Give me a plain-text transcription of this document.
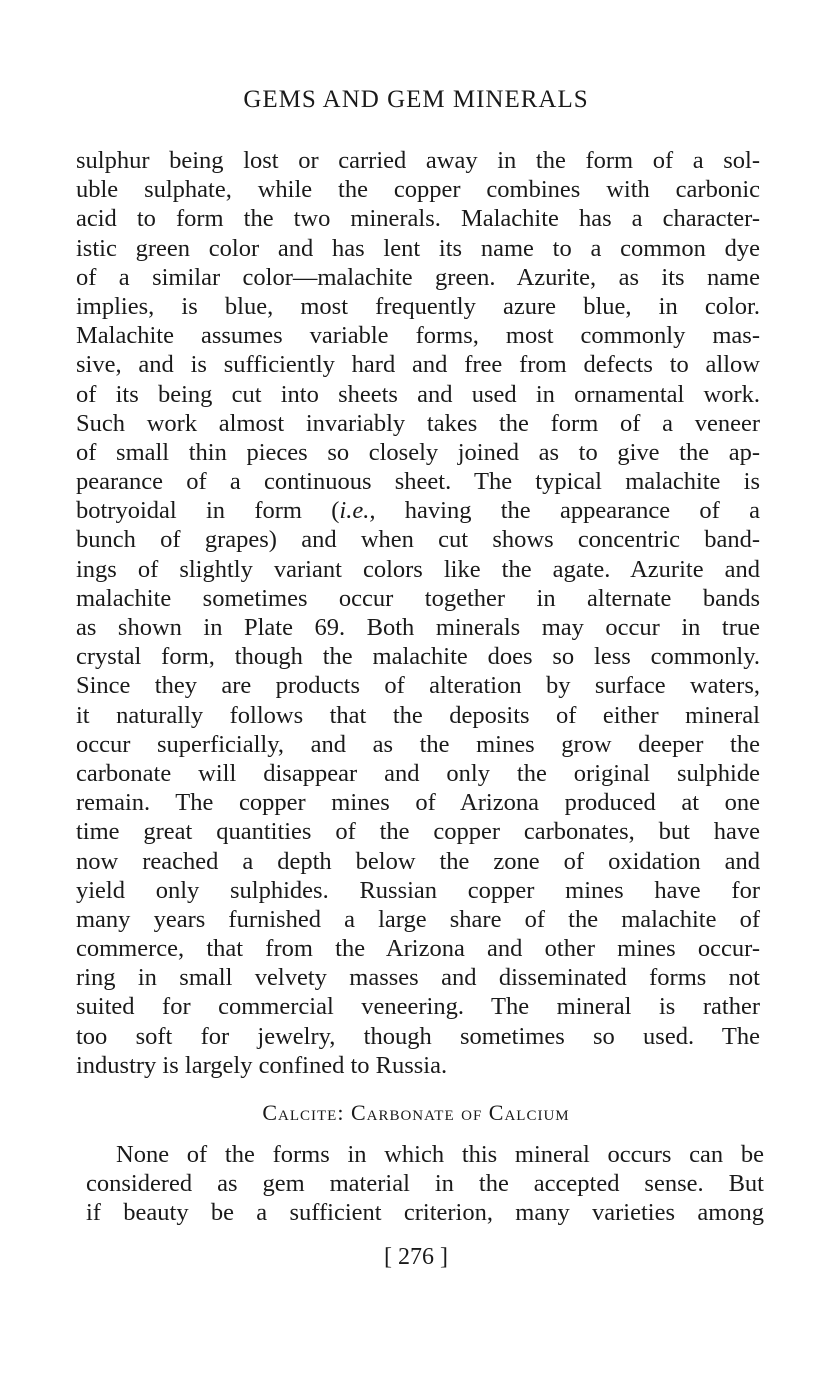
GEMS AND GEM MINERALS
sulphur being lost or carried away in the form of a sol-
uble sulphate, while the copper combines with carbonic
acid to form the two minerals. Malachite has a character-
istic green color and has lent its name to a common dye
of a similar color—malachite green. Azurite, as its name
implies, is blue, most frequently azure blue, in color.
Malachite assumes variable forms, most commonly mas-
sive, and is sufficiently hard and free from defects to allow
of its being cut into sheets and used in ornamental work.
Such work almost invariably takes the form of a veneer
of small thin pieces so closely joined as to give the ap-
pearance of a continuous sheet. The typical malachite is
botryoidal in form (i.e., having the appearance of a
bunch of grapes) and when cut shows concentric band-
ings of slightly variant colors like the agate. Azurite and
malachite sometimes occur together in alternate bands
as shown in Plate 69. Both minerals may occur in true
crystal form, though the malachite does so less commonly.
Since they are products of alteration by surface waters,
it naturally follows that the deposits of either mineral
occur superficially, and as the mines grow deeper the
carbonate will disappear and only the original sulphide
remain. The copper mines of Arizona produced at one
time great quantities of the copper carbonates, but have
now reached a depth below the zone of oxidation and
yield only sulphides. Russian copper mines have for
many years furnished a large share of the malachite of
commerce, that from the Arizona and other mines occur-
ring in small velvety masses and disseminated forms not
suited for commercial veneering. The mineral is rather
too soft for jewelry, though sometimes so used. The
industry is largely confined to Russia.
Calcite: Carbonate of Calcium
None of the forms in which this mineral occurs can be
considered as gem material in the accepted sense. But
if beauty be a sufficient criterion, many varieties among
[ 276 ]
